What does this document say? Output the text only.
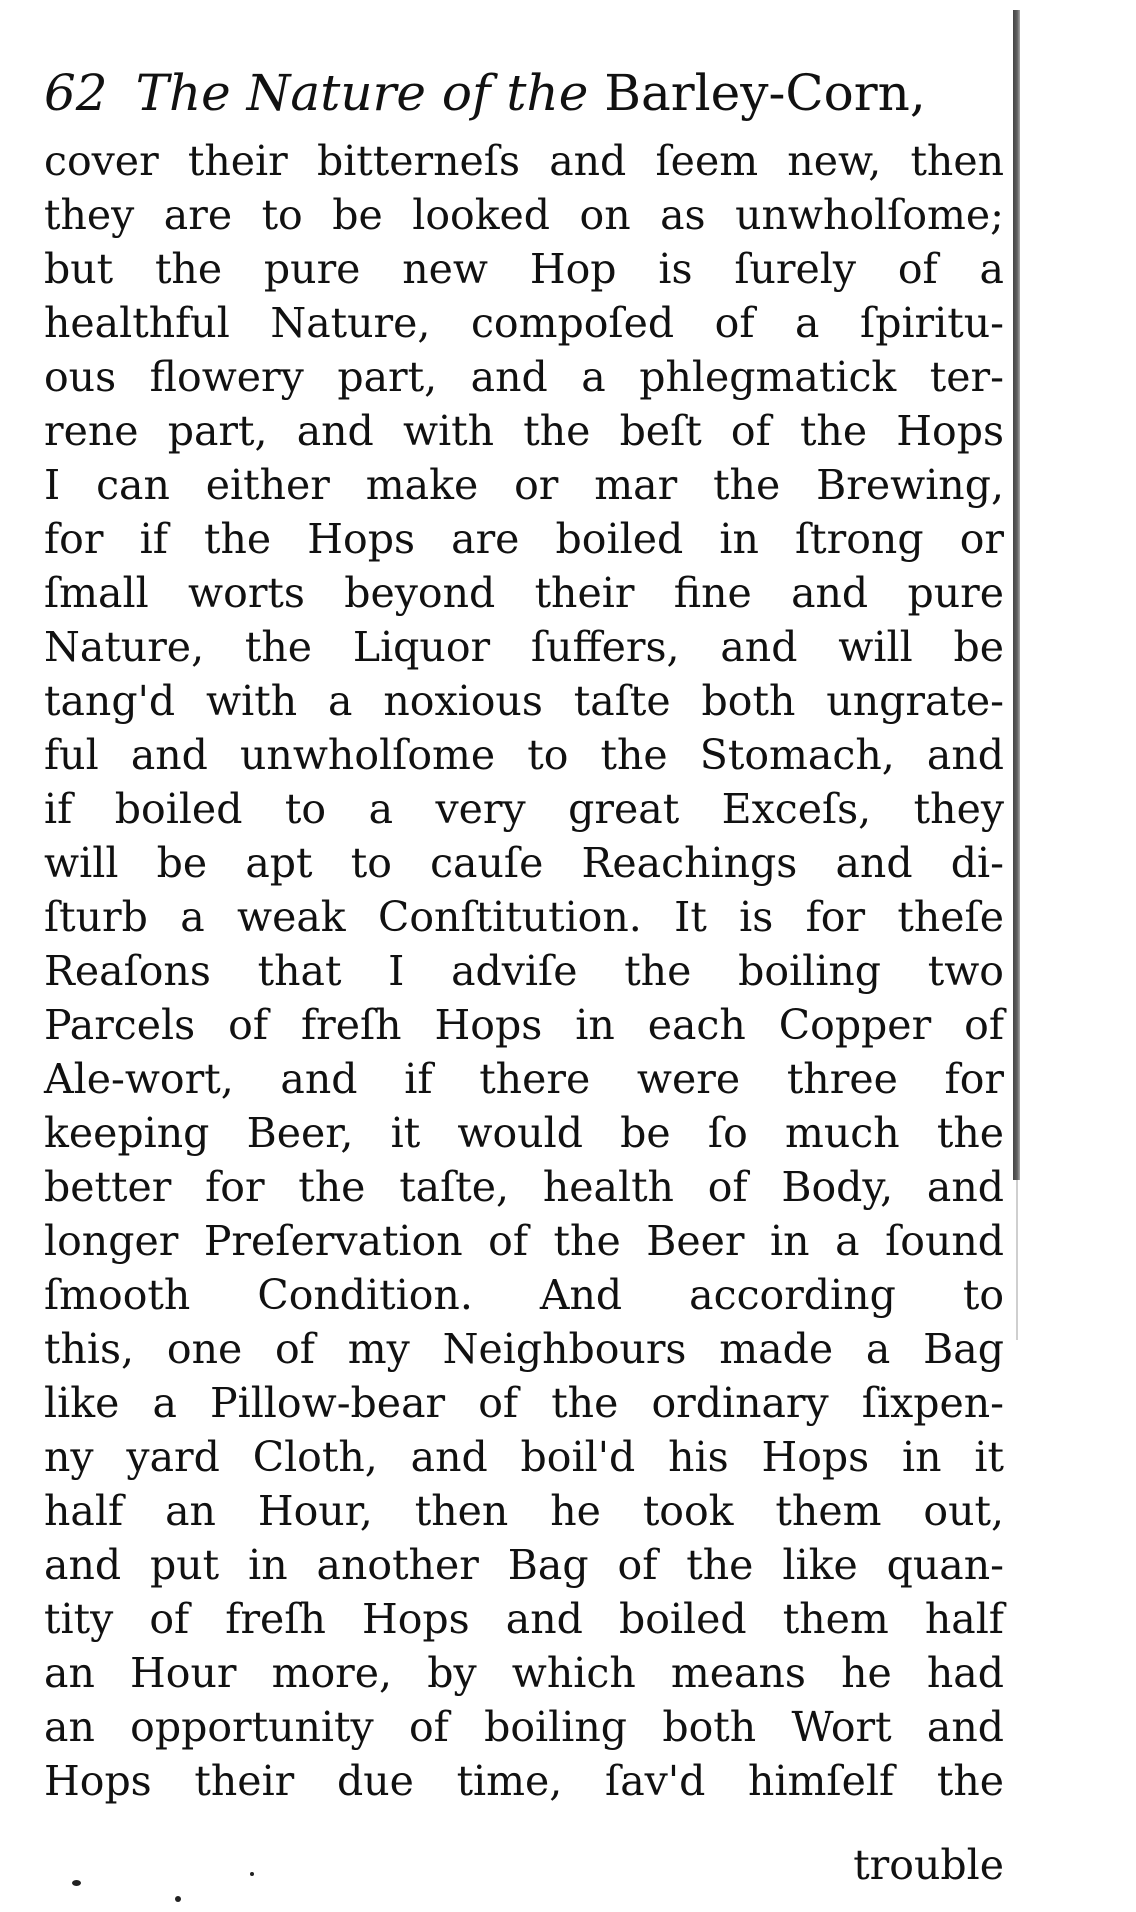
62 The Nature of the Barley-Corn,
cover their bitterneſs and ſeem new, then
they are to be looked on as unwholſome;
but the pure new Hop is ſurely of a
healthful Nature, compoſed of a ſpiritu-
ous flowery part, and a phlegmatick ter-
rene part, and with the beſt of the Hops
I can either make or mar the Brewing,
for if the Hops are boiled in ſtrong or
ſmall worts beyond their fine and pure
Nature, the Liquor ſuffers, and will be
tang'd with a noxious taſte both ungrate-
ful and unwholſome to the Stomach, and
if boiled to a very great Exceſs, they
will be apt to cauſe Reachings and di-
ſturb a weak Conſtitution. It is for theſe
Reaſons that I adviſe the boiling two
Parcels of freſh Hops in each Copper of
Ale-wort, and if there were three for
keeping Beer, it would be ſo much the
better for the taſte, health of Body, and
longer Preſervation of the Beer in a ſound
ſmooth Condition. And according to
this, one of my Neighbours made a Bag
like a Pillow-bear of the ordinary ſixpen-
ny yard Cloth, and boil'd his Hops in it
half an Hour, then he took them out,
and put in another Bag of the like quan-
tity of freſh Hops and boiled them half
an Hour more, by which means he had
an opportunity of boiling both Wort and
Hops their due time, ſav'd himſelf the
trouble
